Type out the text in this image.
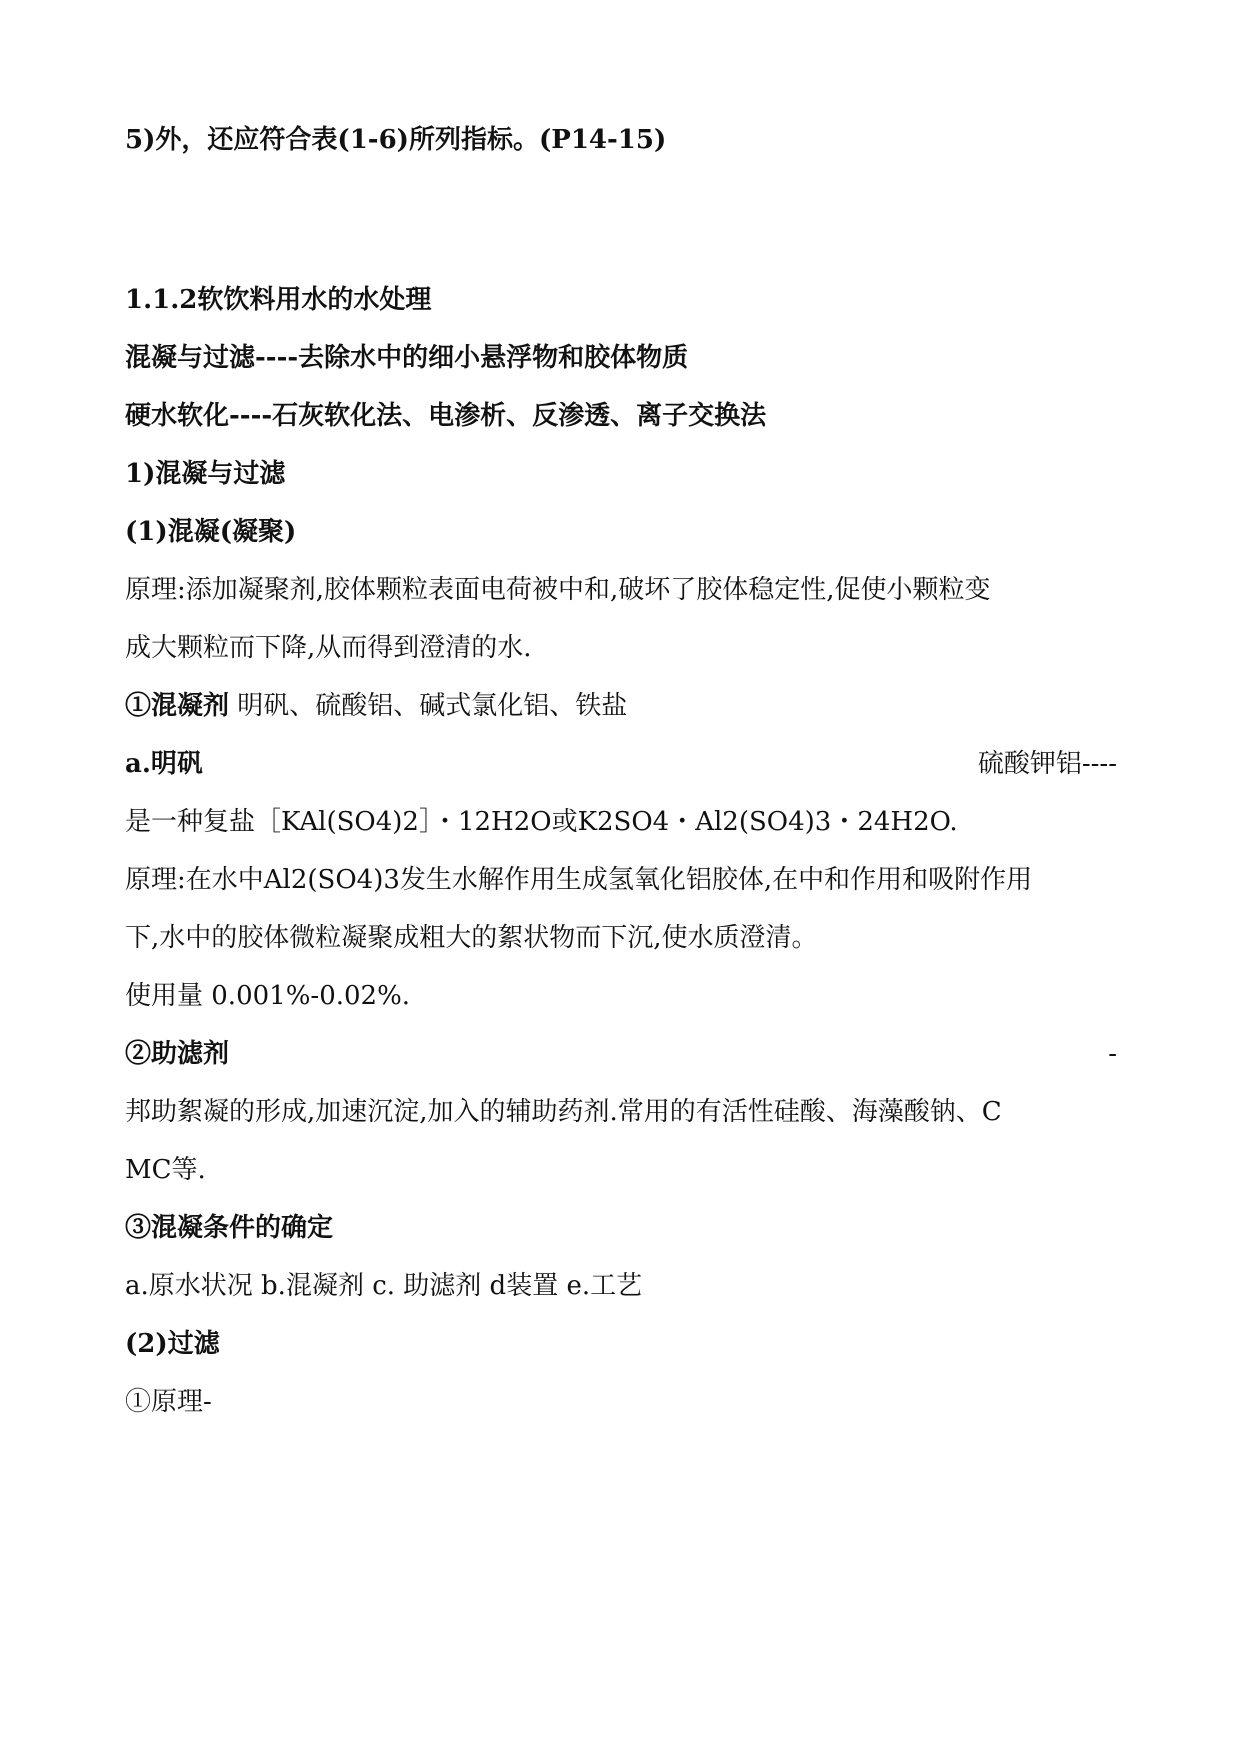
5)外，还应符合表(1-6)所列指标。(P14-15)
1.1.2软饮料用水的水处理
混凝与过滤----去除水中的细小悬浮物和胶体物质
硬水软化----石灰软化法、电渗析、反渗透、离子交换法
1)混凝与过滤
(1)混凝(凝聚)
原理:添加凝聚剂,胶体颗粒表面电荷被中和,破坏了胶体稳定性,促使小颗粒变
成大颗粒而下降,从而得到澄清的水.
①混凝剂 明矾、硫酸铝、碱式氯化铝、铁盐
a.明矾	硫酸钾铝----
是一种复盐［KAl(SO4)2］・12H2O或K2SO4・Al2(SO4)3・24H2O.
原理:在水中Al2(SO4)3发生水解作用生成氢氧化铝胶体,在中和作用和吸附作用
下,水中的胶体微粒凝聚成粗大的絮状物而下沉,使水质澄清。
使用量 0.001%-0.02%.
②助滤剂	-
邦助絮凝的形成,加速沉淀,加入的辅助药剂.常用的有活性硅酸、海藻酸钠、C
MC等.
③混凝条件的确定
a.原水状况 b.混凝剂 c. 助滤剂 d装置 e.工艺
(2)过滤
①原理-
